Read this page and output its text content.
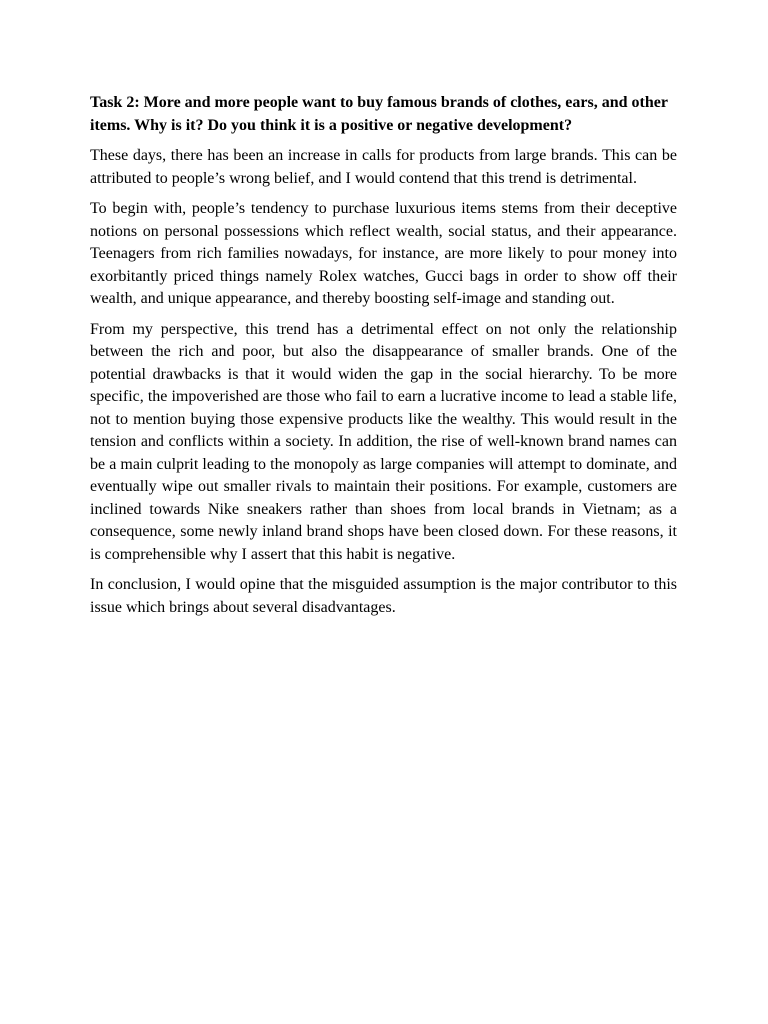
Task 2: More and more people want to buy famous brands of clothes, ears, and other items. Why is it? Do you think it is a positive or negative development?

These days, there has been an increase in calls for products from large brands. This can be attributed to people’s wrong belief, and I would contend that this trend is detrimental.

To begin with, people’s tendency to purchase luxurious items stems from their deceptive notions on personal possessions which reflect wealth, social status, and their appearance. Teenagers from rich families nowadays, for instance, are more likely to pour money into exorbitantly priced things namely Rolex watches, Gucci bags in order to show off their wealth, and unique appearance, and thereby boosting self-image and standing out.

From my perspective, this trend has a detrimental effect on not only the relationship between the rich and poor, but also the disappearance of smaller brands. One of the potential drawbacks is that it would widen the gap in the social hierarchy. To be more specific, the impoverished are those who fail to earn a lucrative income to lead a stable life, not to mention buying those expensive products like the wealthy. This would result in the tension and conflicts within a society. In addition, the rise of well-known brand names can be a main culprit leading to the monopoly as large companies will attempt to dominate, and eventually wipe out smaller rivals to maintain their positions. For example, customers are inclined towards Nike sneakers rather than shoes from local brands in Vietnam; as a consequence, some newly inland brand shops have been closed down. For these reasons, it is comprehensible why I assert that this habit is negative.

In conclusion, I would opine that the misguided assumption is the major contributor to this issue which brings about several disadvantages.
